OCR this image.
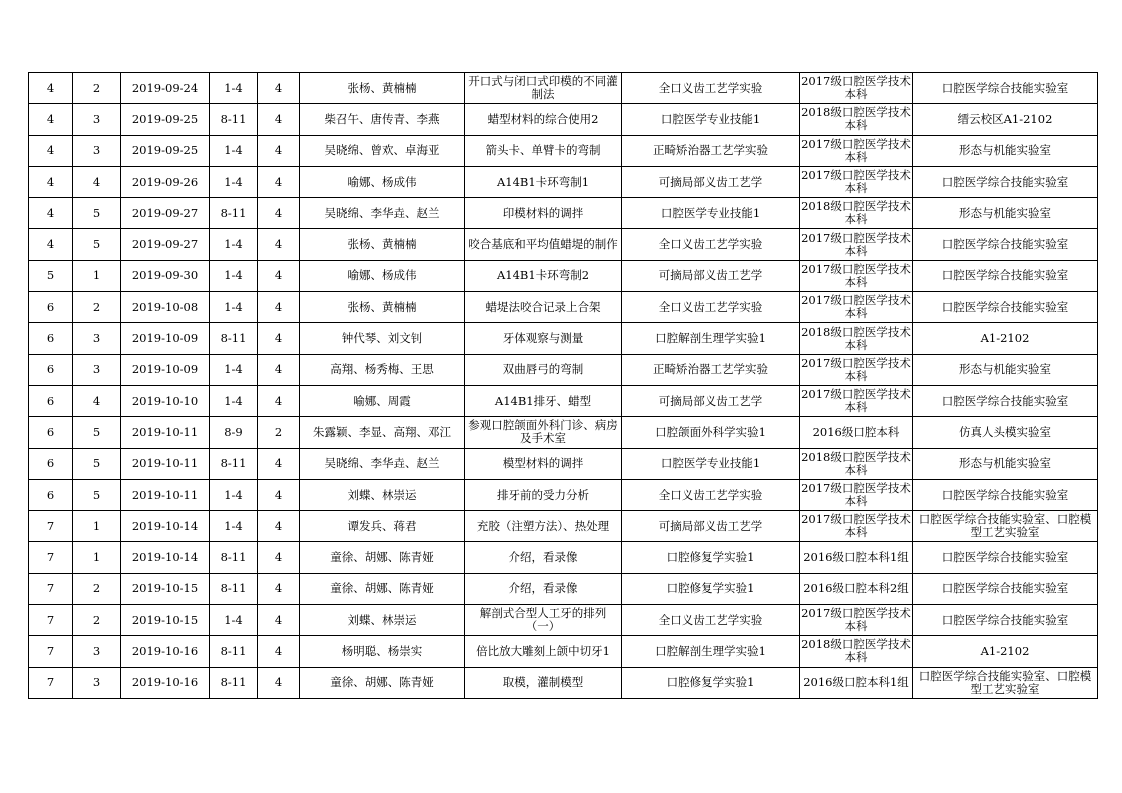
4	2	2019-09-24	1-4	4	张杨、黄楠楠	开口式与闭口式印模的不同灌制法	全口义齿工艺学实验	2017级口腔医学技术本科	口腔医学综合技能实验室
4	3	2019-09-25	8-11	4	柴召午、唐传青、李燕	蜡型材料的综合使用2	口腔医学专业技能1	2018级口腔医学技术本科	缙云校区A1-2102
4	3	2019-09-25	1-4	4	吴晓绵、曾欢、卓海亚	箭头卡、单臂卡的弯制	正畸矫治器工艺学实验	2017级口腔医学技术本科	形态与机能实验室
4	4	2019-09-26	1-4	4	喻娜、杨成伟	A14B1卡环弯制1	可摘局部义齿工艺学	2017级口腔医学技术本科	口腔医学综合技能实验室
4	5	2019-09-27	8-11	4	吴晓绵、李华垚、赵兰	印模材料的调拌	口腔医学专业技能1	2018级口腔医学技术本科	形态与机能实验室
4	5	2019-09-27	1-4	4	张杨、黄楠楠	咬合基底和平均值蜡堤的制作	全口义齿工艺学实验	2017级口腔医学技术本科	口腔医学综合技能实验室
5	1	2019-09-30	1-4	4	喻娜、杨成伟	A14B1卡环弯制2	可摘局部义齿工艺学	2017级口腔医学技术本科	口腔医学综合技能实验室
6	2	2019-10-08	1-4	4	张杨、黄楠楠	蜡堤法咬合记录上合架	全口义齿工艺学实验	2017级口腔医学技术本科	口腔医学综合技能实验室
6	3	2019-10-09	8-11	4	钟代琴、刘文钊	牙体观察与测量	口腔解剖生理学实验1	2018级口腔医学技术本科	A1-2102
6	3	2019-10-09	1-4	4	高翔、杨秀梅、王思	双曲唇弓的弯制	正畸矫治器工艺学实验	2017级口腔医学技术本科	形态与机能实验室
6	4	2019-10-10	1-4	4	喻娜、周霞	A14B1排牙、蜡型	可摘局部义齿工艺学	2017级口腔医学技术本科	口腔医学综合技能实验室
6	5	2019-10-11	8-9	2	朱露颖、李显、高翔、邓江	参观口腔颌面外科门诊、病房及手术室	口腔颌面外科学实验1	2016级口腔本科	仿真人头模实验室
6	5	2019-10-11	8-11	4	吴晓绵、李华垚、赵兰	模型材料的调拌	口腔医学专业技能1	2018级口腔医学技术本科	形态与机能实验室
6	5	2019-10-11	1-4	4	刘蝶、林崇运	排牙前的受力分析	全口义齿工艺学实验	2017级口腔医学技术本科	口腔医学综合技能实验室
7	1	2019-10-14	1-4	4	谭发兵、蒋君	充胶（注塑方法）、热处理	可摘局部义齿工艺学	2017级口腔医学技术本科	口腔医学综合技能实验室、口腔模型工艺实验室
7	1	2019-10-14	8-11	4	童徐、胡娜、陈青娅	介绍，看录像	口腔修复学实验1	2016级口腔本科1组	口腔医学综合技能实验室
7	2	2019-10-15	8-11	4	童徐、胡娜、陈青娅	介绍，看录像	口腔修复学实验1	2016级口腔本科2组	口腔医学综合技能实验室
7	2	2019-10-15	1-4	4	刘蝶、林崇运	解剖式合型人工牙的排列（一）	全口义齿工艺学实验	2017级口腔医学技术本科	口腔医学综合技能实验室
7	3	2019-10-16	8-11	4	杨明聪、杨崇实	倍比放大雕刻上颌中切牙1	口腔解剖生理学实验1	2018级口腔医学技术本科	A1-2102
7	3	2019-10-16	8-11	4	童徐、胡娜、陈青娅	取模，灌制模型	口腔修复学实验1	2016级口腔本科1组	口腔医学综合技能实验室、口腔模型工艺实验室
